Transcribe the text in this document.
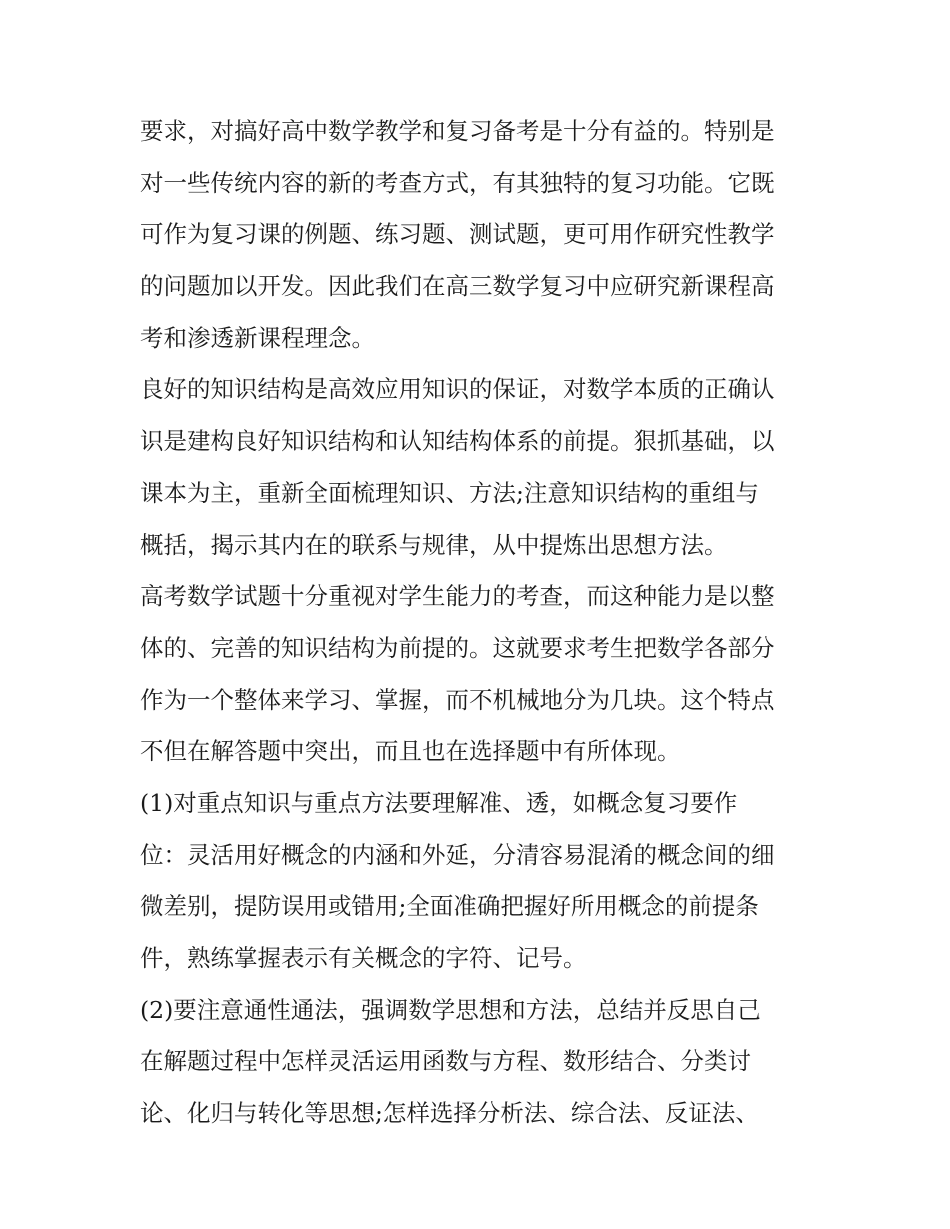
要求，对搞好高中数学教学和复习备考是十分有益的。特别是
对一些传统内容的新的考查方式，有其独特的复习功能。它既
可作为复习课的例题、练习题、测试题，更可用作研究性教学
的问题加以开发。因此我们在高三数学复习中应研究新课程高
考和渗透新课程理念。
良好的知识结构是高效应用知识的保证，对数学本质的正确认
识是建构良好知识结构和认知结构体系的前提。狠抓基础，以
课本为主，重新全面梳理知识、方法;注意知识结构的重组与
概括，揭示其内在的联系与规律，从中提炼出思想方法。
高考数学试题十分重视对学生能力的考查，而这种能力是以整
体的、完善的知识结构为前提的。这就要求考生把数学各部分
作为一个整体来学习、掌握，而不机械地分为几块。这个特点
不但在解答题中突出，而且也在选择题中有所体现。
(1)对重点知识与重点方法要理解准、透，如概念复习要作
位：灵活用好概念的内涵和外延，分清容易混淆的概念间的细
微差别，提防误用或错用;全面准确把握好所用概念的前提条
件，熟练掌握表示有关概念的字符、记号。
(2)要注意通性通法，强调数学思想和方法，总结并反思自己
在解题过程中怎样灵活运用函数与方程、数形结合、分类讨
论、化归与转化等思想;怎样选择分析法、综合法、反证法、
